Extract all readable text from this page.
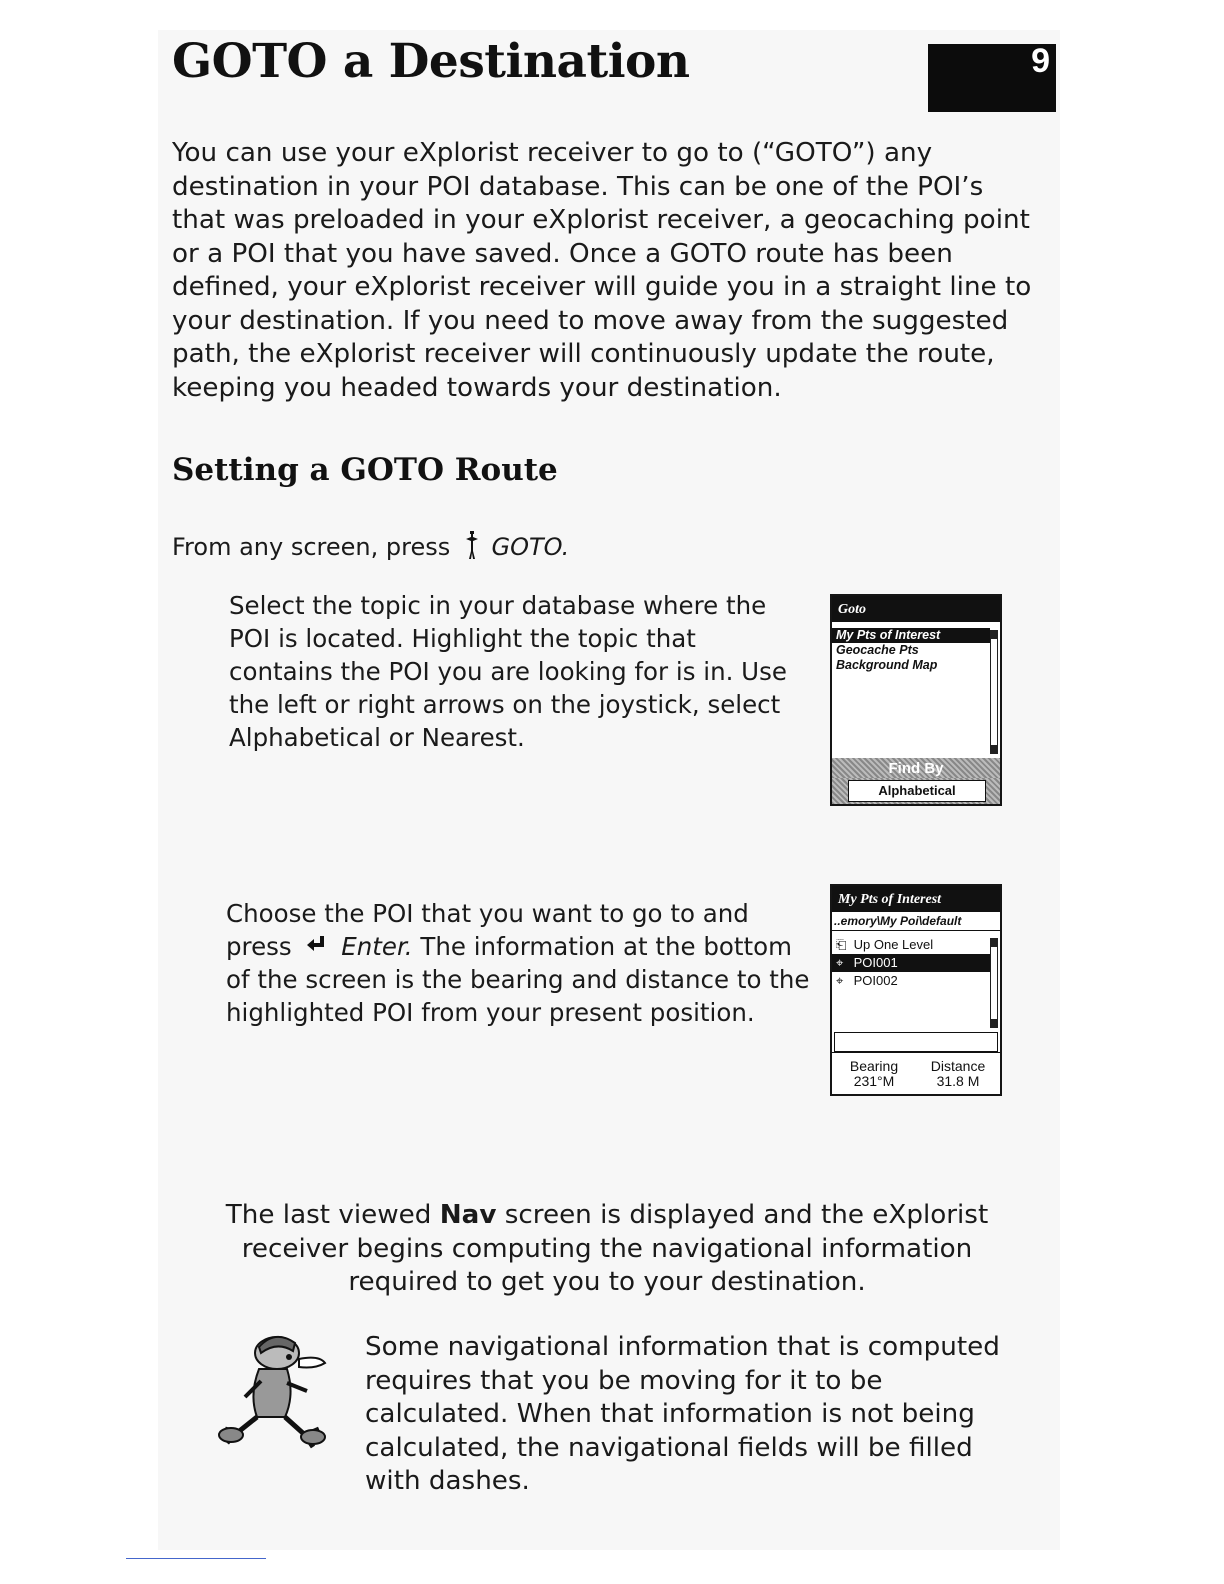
GOTO a Destination	9

You can use your eXplorist receiver to go to (“GOTO”) any destination in your POI database. This can be one of the POI’s that was preloaded in your eXplorist receiver, a geocaching point or a POI that you have saved. Once a GOTO route has been defined, your eXplorist receiver will guide you in a straight line to your destination. If you need to move away from the suggested path, the eXplorist receiver will continuously update the route, keeping you headed towards your destination.

Setting a GOTO Route

From any screen, press GOTO.

Select the topic in your database where the POI is located. Highlight the topic that contains the POI you are looking for is in. Use the left or right arrows on the joystick, select Alphabetical or Nearest.

Goto
My Pts of Interest
Geocache Pts
Background Map
Find By
Alphabetical

Choose the POI that you want to go to and press Enter. The information at the bottom of the screen is the bearing and distance to the highlighted POI from your present position.

My Pts of Interest
..emory\My Poi\default
⎗ Up One Level
⌖ POI001
⌖ POI002
Bearing
231°M
Distance
31.8 M

The last viewed Nav screen is displayed and the eXplorist receiver begins computing the navigational information required to get you to your destination.

Some navigational information that is computed requires that you be moving for it to be calculated. When that information is not being calculated, the navigational fields will be filled with dashes.
